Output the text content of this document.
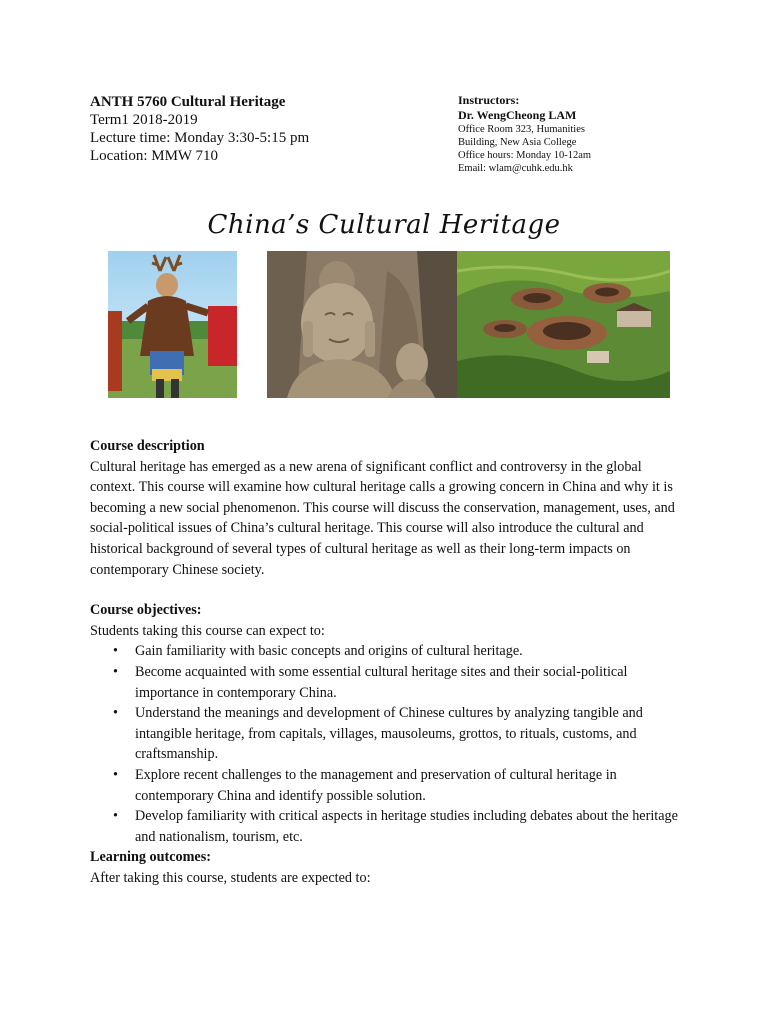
ANTH 5760 Cultural Heritage
Term1 2018-2019
Lecture time: Monday 3:30-5:15 pm
Location: MMW 710
Instructors:
Dr. WengCheong LAM
Office Room 323, Humanities
Building, New Asia College
Office hours: Monday 10-12am
Email: wlam@cuhk.edu.hk
China’s Cultural Heritage

Course description

Cultural heritage has emerged as a new arena of significant conflict and controversy in the global context. This course will examine how cultural heritage calls a growing concern in China and why it is becoming a new social phenomenon. This course will discuss the conservation, management, uses, and social-political issues of China’s cultural heritage. This course will also introduce the cultural and historical background of several types of cultural heritage as well as their long-term impacts on contemporary Chinese society.

Course objectives:

Students taking this course can expect to:

• Gain familiarity with basic concepts and origins of cultural heritage.
• Become acquainted with some essential cultural heritage sites and their social-political importance in contemporary China.
• Understand the meanings and development of Chinese cultures by analyzing tangible and intangible heritage, from capitals, villages, mausoleums, grottos, to rituals, customs, and craftsmanship.
• Explore recent challenges to the management and preservation of cultural heritage in contemporary China and identify possible solution.
• Develop familiarity with critical aspects in heritage studies including debates about the heritage and nationalism, tourism, etc.

Learning outcomes:

After taking this course, students are expected to:
